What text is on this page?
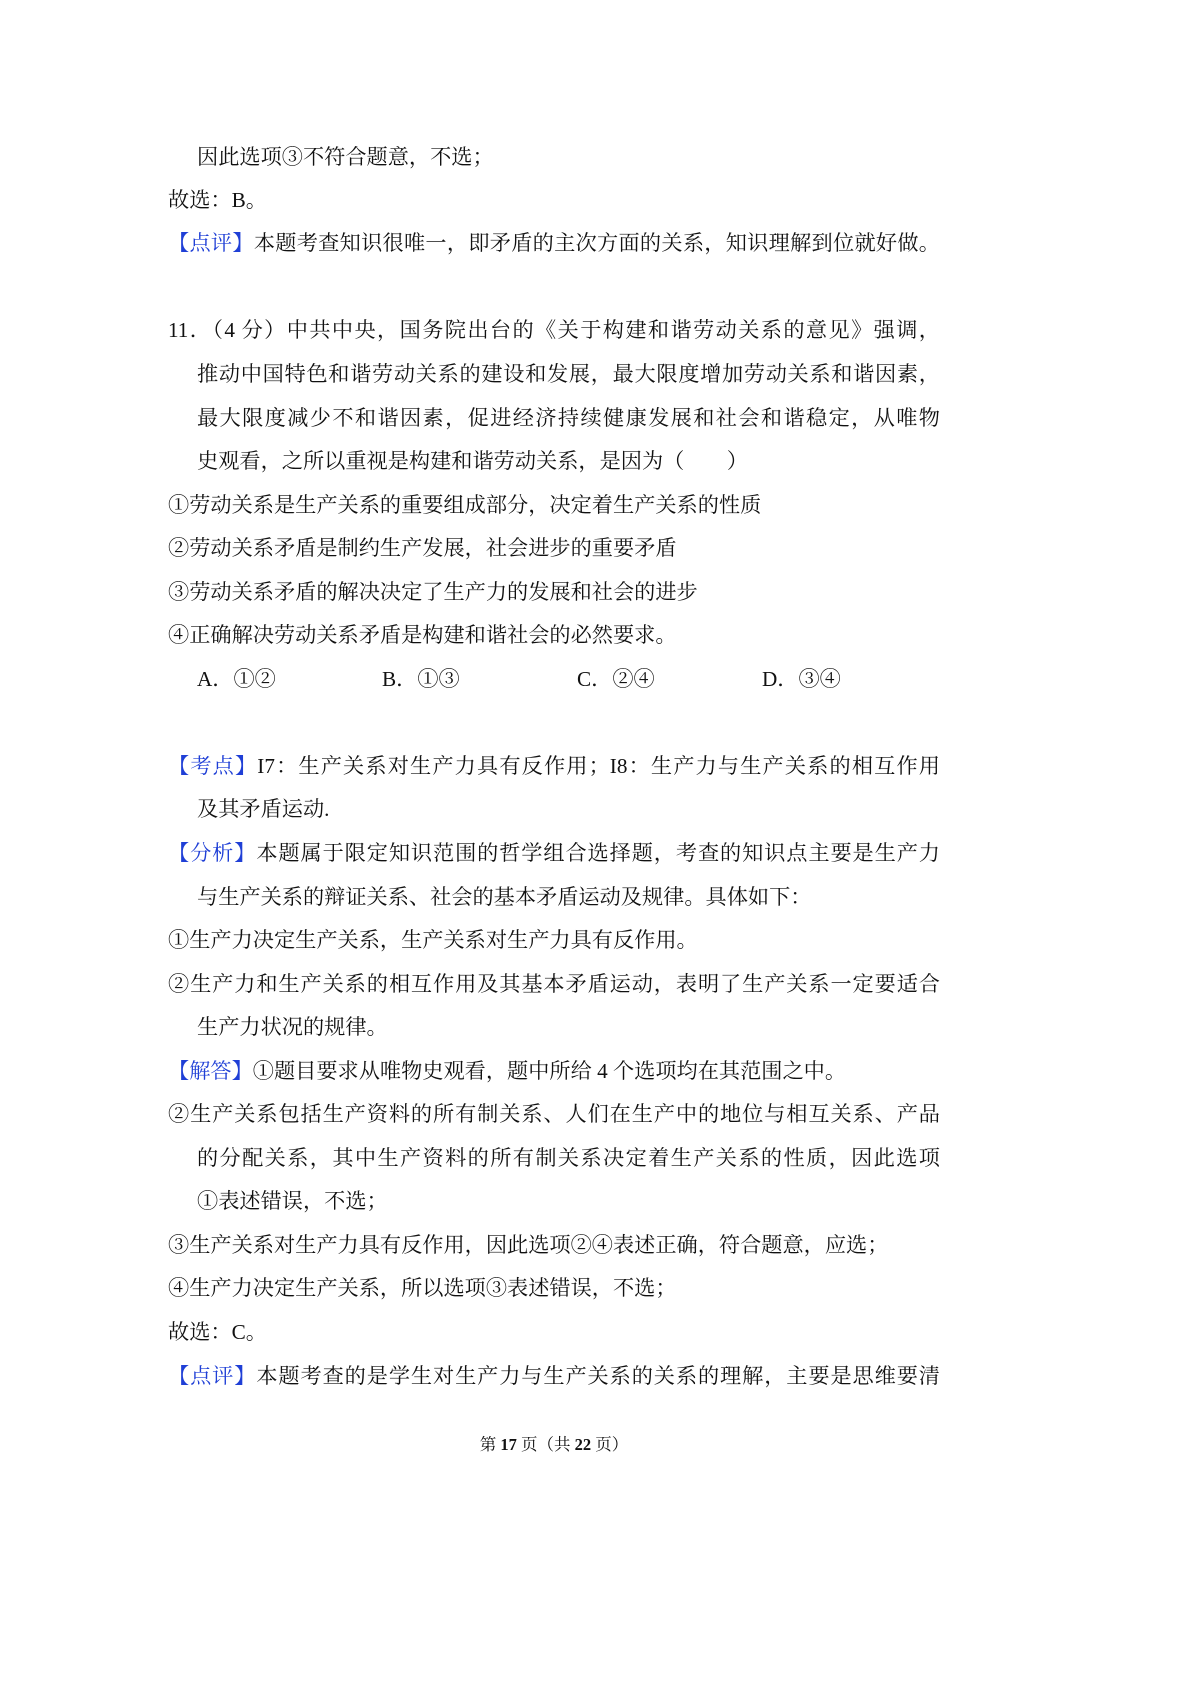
因此选项③不符合题意，不选；
故选：B。
【点评】本题考查知识很唯一，即矛盾的主次方面的关系，知识理解到位就好做。
11．（4 分）中共中央，国务院出台的《关于构建和谐劳动关系的意见》强调，
推动中国特色和谐劳动关系的建设和发展，最大限度增加劳动关系和谐因素，
最大限度减少不和谐因素，促进经济持续健康发展和社会和谐稳定，从唯物
史观看，之所以重视是构建和谐劳动关系，是因为（　　）
①劳动关系是生产关系的重要组成部分，决定着生产关系的性质
②劳动关系矛盾是制约生产发展，社会进步的重要矛盾
③劳动关系矛盾的解决决定了生产力的发展和社会的进步
④正确解决劳动关系矛盾是构建和谐社会的必然要求。
A．①②	B．①③	C．②④	D．③④
【考点】I7：生产关系对生产力具有反作用；I8：生产力与生产关系的相互作用
及其矛盾运动.
【分析】本题属于限定知识范围的哲学组合选择题，考查的知识点主要是生产力
与生产关系的辩证关系、社会的基本矛盾运动及规律。具体如下：
①生产力决定生产关系，生产关系对生产力具有反作用。
②生产力和生产关系的相互作用及其基本矛盾运动，表明了生产关系一定要适合
生产力状况的规律。
【解答】①题目要求从唯物史观看，题中所给 4 个选项均在其范围之中。
②生产关系包括生产资料的所有制关系、人们在生产中的地位与相互关系、产品
的分配关系，其中生产资料的所有制关系决定着生产关系的性质，因此选项
①表述错误，不选；
③生产关系对生产力具有反作用，因此选项②④表述正确，符合题意，应选；
④生产力决定生产关系，所以选项③表述错误，不选；
故选：C。
【点评】本题考查的是学生对生产力与生产关系的关系的理解，主要是思维要清
第 17 页（共 22 页）
